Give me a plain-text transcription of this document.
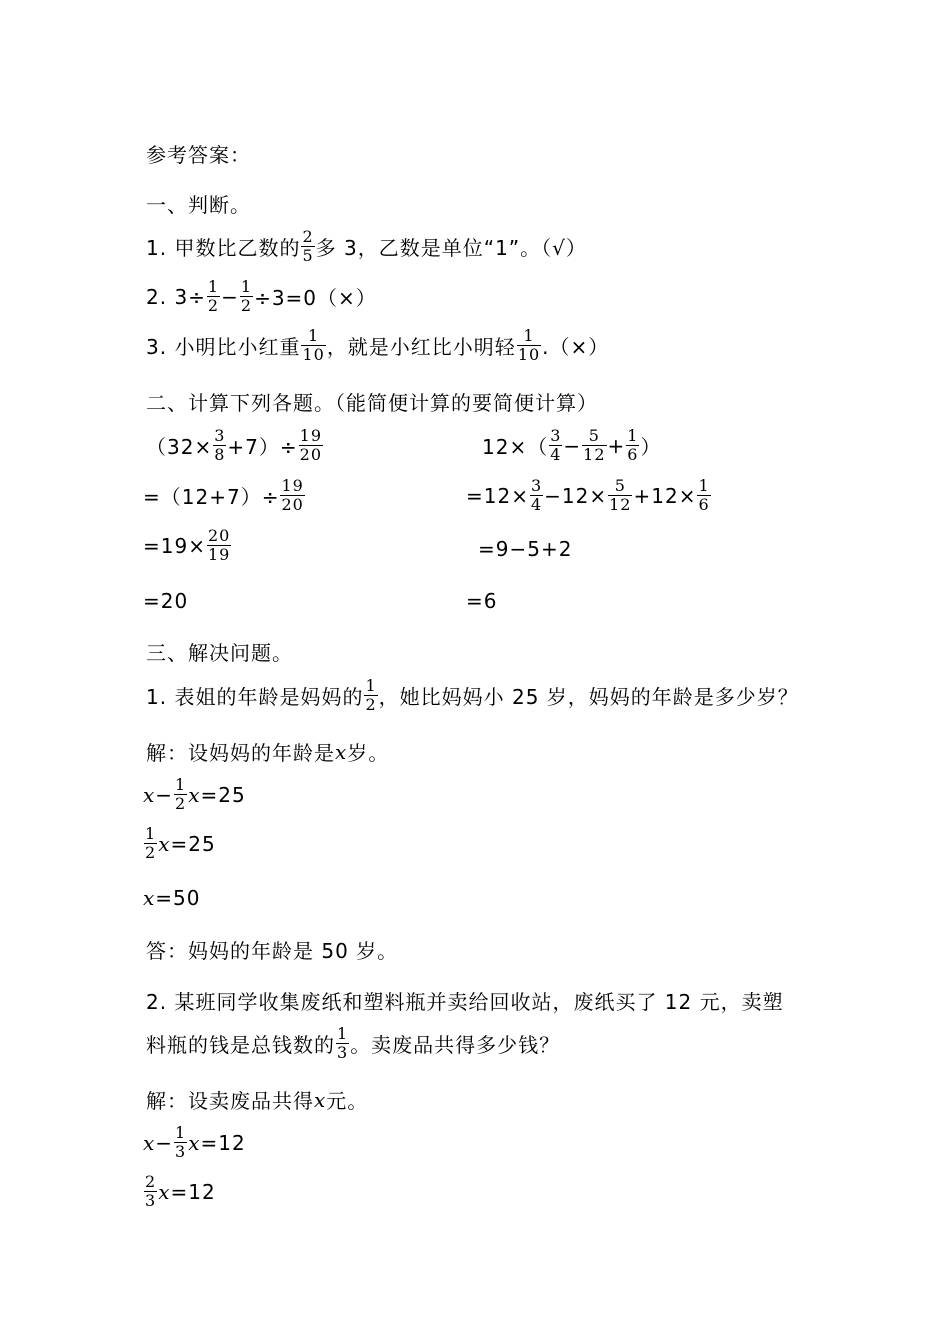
参考答案：
一、判断。
1. 甲数比乙数的 $\frac{2}{5}$ 多 3，乙数是单位“1”。（√）
2. $3\div \frac{1}{2} - \frac{1}{2} \div 3=0(\times)$
3. 小明比小红重 $\frac{1}{10}$ ，就是小红比小明轻 $\frac{1}{10}$ .（×）
二、计算下列各题。（能简便计算的要简便计算）
$(32\times \frac{3}{8} +7)\div \frac{19}{20}$
$=(12+7)\div \frac{19}{20}$
$=19\times \frac{20}{19}$
=20
$12\times( \frac{3}{4} - \frac{5}{12} + \frac{1}{6}$ ）
$=12\times \frac{3}{4} -12\times \frac{5}{12} +12\times \frac{1}{6}$
=9−5+2
=6
三、解决问题。
1. 表姐的年龄是妈妈的 $\frac{1}{2}$ ，她比妈妈小 25 岁，妈妈的年龄是多少岁？
解：设妈妈的年龄是 x 岁。
$x - \frac{1}{2}$ x =25
$\frac{1}{2}$ x =25
x =50
答：妈妈的年龄是 50 岁。
2. 某班同学收集废纸和塑料瓶并卖给回收站，废纸买了 12 元，卖塑
料瓶的钱是总钱数的 $\frac{1}{3}$ 。卖废品共得多少钱？
解：设卖废品共得 x 元。
$x - \frac{1}{3}$ x =12
$\frac{2}{3}$ x =12
